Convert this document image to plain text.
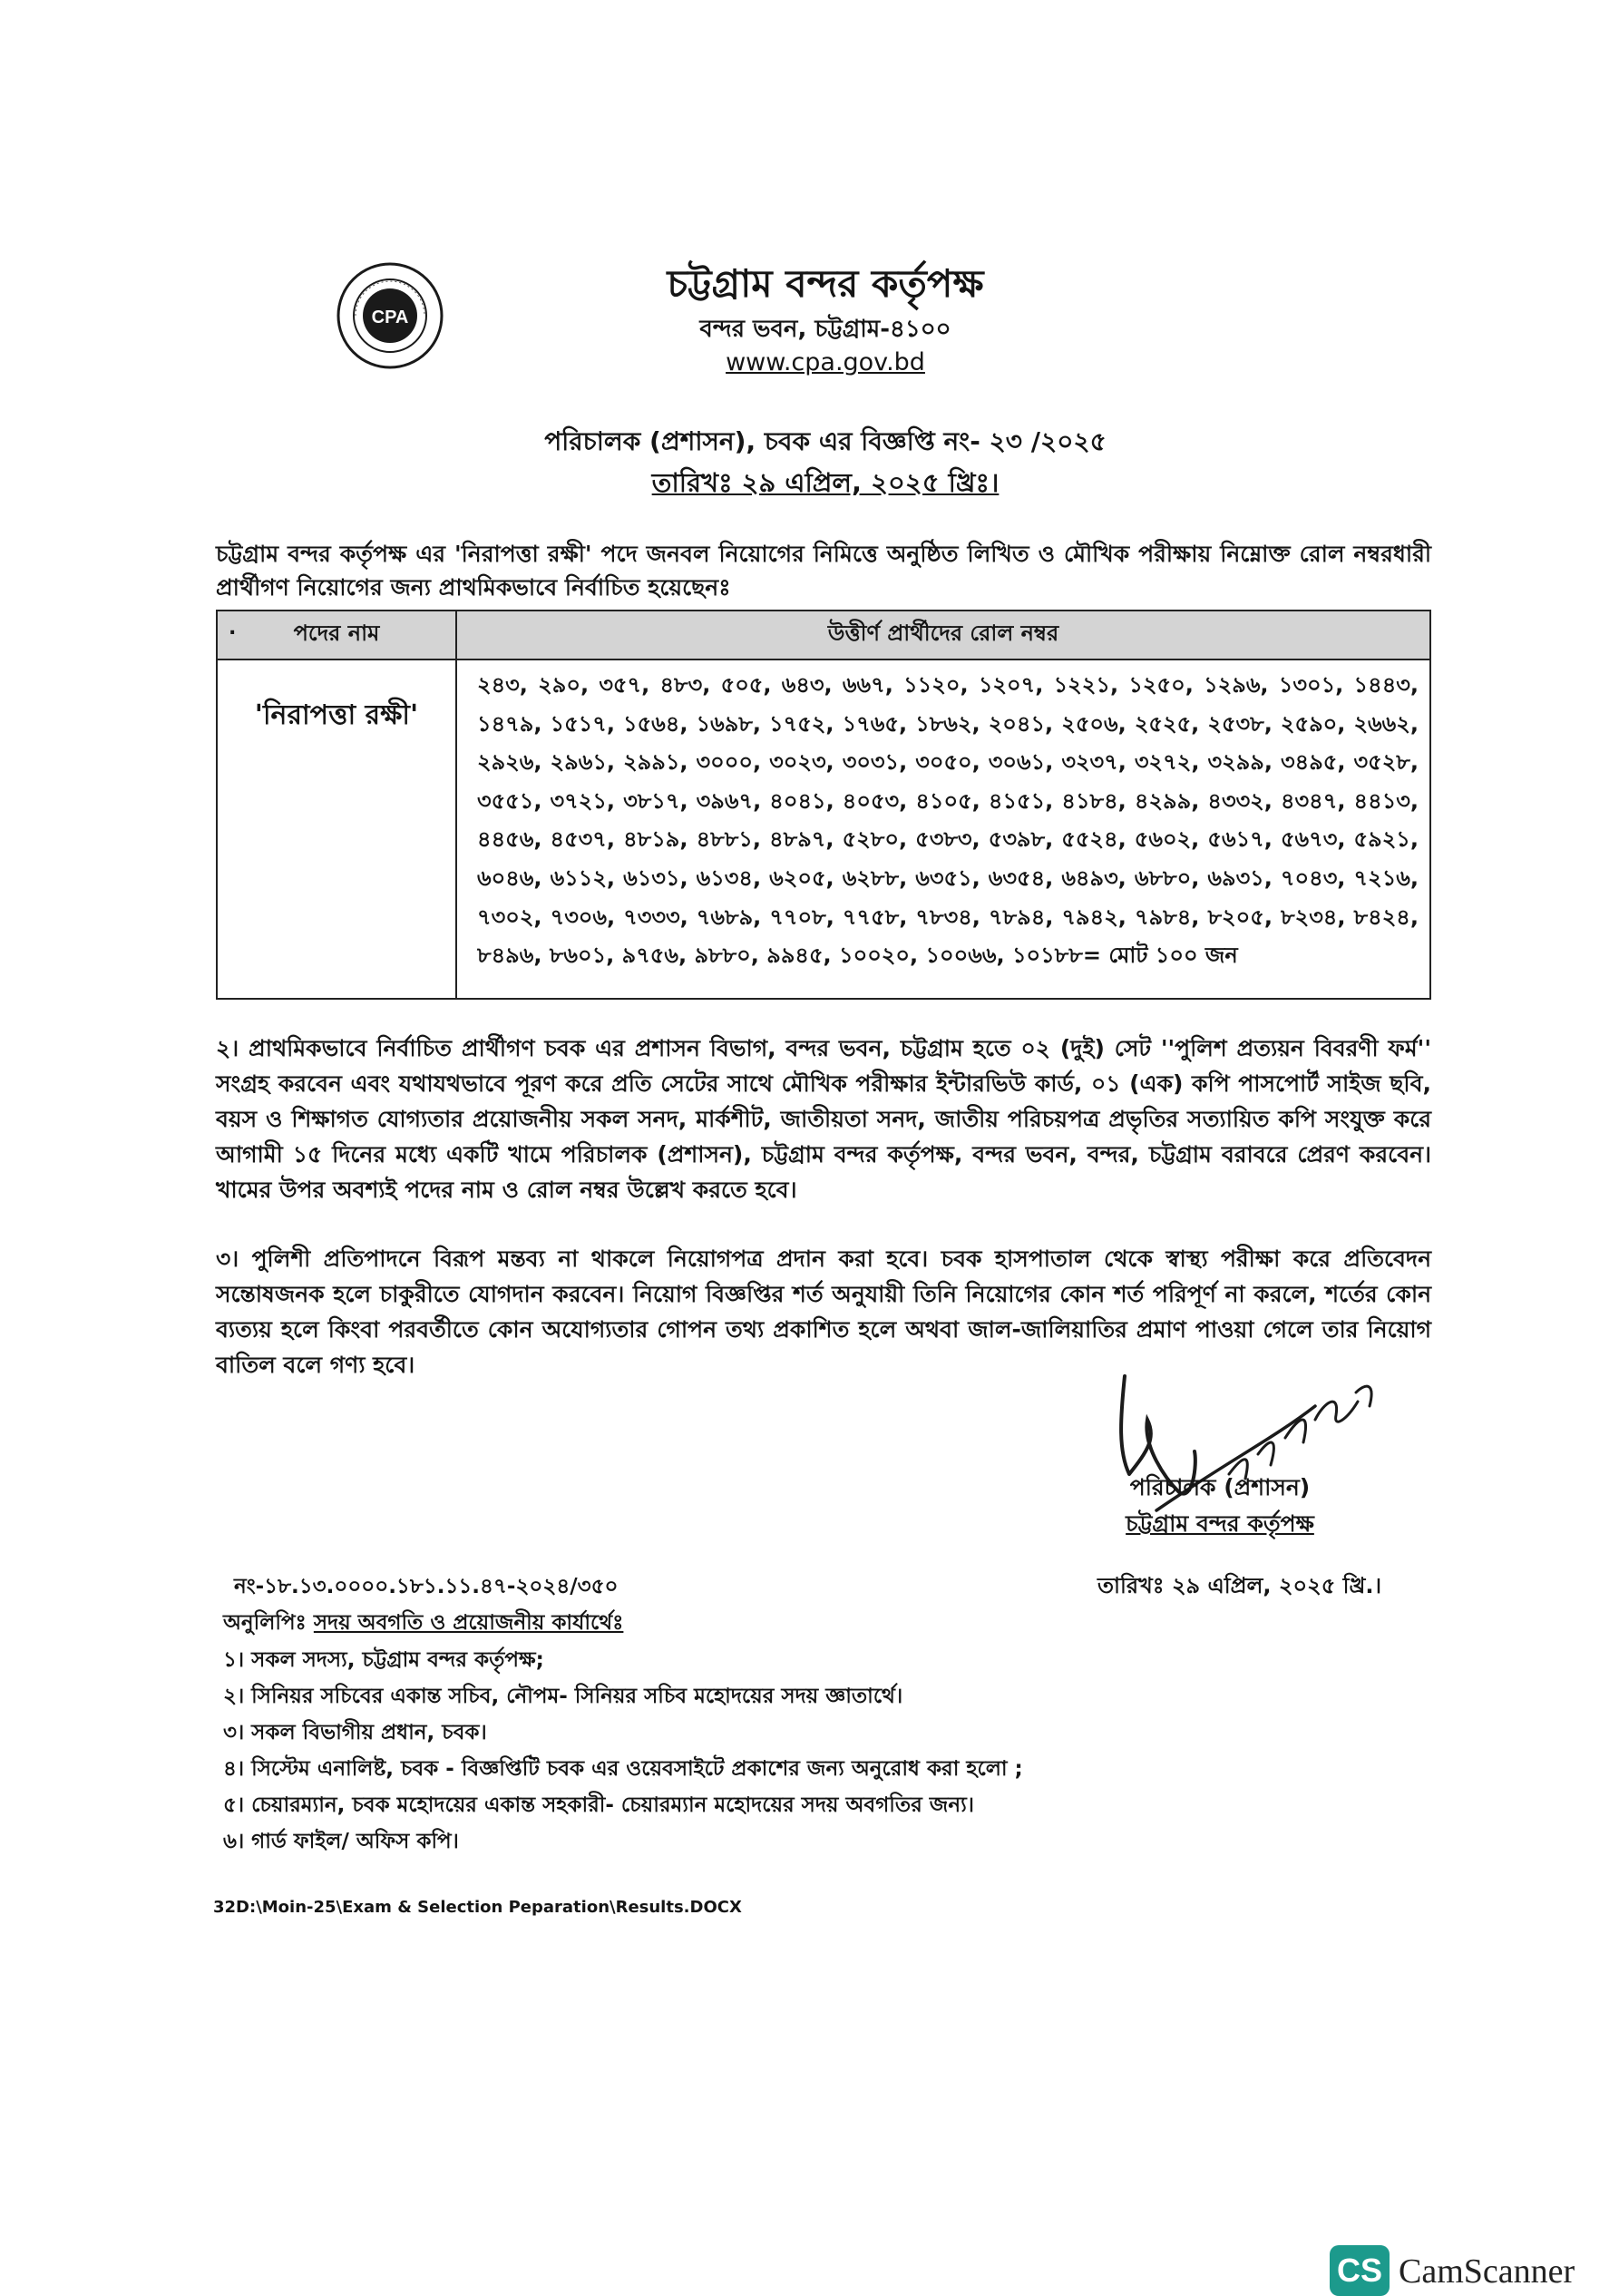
CPA
চট্টগ্রাম বন্দর কর্তৃপক্ষ
বন্দর ভবন, চট্টগ্রাম-৪১০০
www.cpa.gov.bd
পরিচালক (প্রশাসন), চবক এর বিজ্ঞপ্তি নং- ২৩ /২০২৫
তারিখঃ ২৯ এপ্রিল, ২০২৫ খ্রিঃ।
চট্টগ্রাম বন্দর কর্তৃপক্ষ এর 'নিরাপত্তা রক্ষী' পদে জনবল নিয়োগের নিমিত্তে অনুষ্ঠিত লিখিত ও মৌখিক পরীক্ষায় নিম্নোক্ত রোল নম্বরধারী প্রার্থীগণ নিয়োগের জন্য প্রাথমিকভাবে নির্বাচিত হয়েছেনঃ
. পদের নাম	উত্তীর্ণ প্রার্থীদের রোল নম্বর
'নিরাপত্তা রক্ষী'	২৪৩, ২৯০, ৩৫৭, ৪৮৩, ৫০৫, ৬৪৩, ৬৬৭, ১১২০, ১২০৭, ১২২১, ১২৫০, ১২৯৬, ১৩০১, ১৪৪৩, ১৪৭৯, ১৫১৭, ১৫৬৪, ১৬৯৮, ১৭৫২, ১৭৬৫, ১৮৬২, ২০৪১, ২৫০৬, ২৫২৫, ২৫৩৮, ২৫৯০, ২৬৬২, ২৯২৬, ২৯৬১, ২৯৯১, ৩০০০, ৩০২৩, ৩০৩১, ৩০৫০, ৩০৬১, ৩২৩৭, ৩২৭২, ৩২৯৯, ৩৪৯৫, ৩৫২৮, ৩৫৫১, ৩৭২১, ৩৮১৭, ৩৯৬৭, ৪০৪১, ৪০৫৩, ৪১০৫, ৪১৫১, ৪১৮৪, ৪২৯৯, ৪৩৩২, ৪৩৪৭, ৪৪১৩, ৪৪৫৬, ৪৫৩৭, ৪৮১৯, ৪৮৮১, ৪৮৯৭, ৫২৮০, ৫৩৮৩, ৫৩৯৮, ৫৫২৪, ৫৬০২, ৫৬১৭, ৫৬৭৩, ৫৯২১, ৬০৪৬, ৬১১২, ৬১৩১, ৬১৩৪, ৬২০৫, ৬২৮৮, ৬৩৫১, ৬৩৫৪, ৬৪৯৩, ৬৮৮০, ৬৯৩১, ৭০৪৩, ৭২১৬, ৭৩০২, ৭৩০৬, ৭৩৩৩, ৭৬৮৯, ৭৭০৮, ৭৭৫৮, ৭৮৩৪, ৭৮৯৪, ৭৯৪২, ৭৯৮৪, ৮২০৫, ৮২৩৪, ৮৪২৪, ৮৪৯৬, ৮৬০১, ৯৭৫৬, ৯৮৮০, ৯৯৪৫, ১০০২০, ১০০৬৬, ১০১৮৮= মোট ১০০ জন
২। প্রাথমিকভাবে নির্বাচিত প্রার্থীগণ চবক এর প্রশাসন বিভাগ, বন্দর ভবন, চট্টগ্রাম হতে ০২ (দুই) সেট ''পুলিশ প্রত্যয়ন বিবরণী ফর্ম'' সংগ্রহ করবেন এবং যথাযথভাবে পূরণ করে প্রতি সেটের সাথে মৌখিক পরীক্ষার ইন্টারভিউ কার্ড, ০১ (এক) কপি পাসপোর্ট সাইজ ছবি, বয়স ও শিক্ষাগত যোগ্যতার প্রয়োজনীয় সকল সনদ, মার্কশীট, জাতীয়তা সনদ, জাতীয় পরিচয়পত্র প্রভৃতির সত্যায়িত কপি সংযুক্ত করে আগামী ১৫ দিনের মধ্যে একটি খামে পরিচালক (প্রশাসন), চট্টগ্রাম বন্দর কর্তৃপক্ষ, বন্দর ভবন, বন্দর, চট্টগ্রাম বরাবরে প্রেরণ করবেন। খামের উপর অবশ্যই পদের নাম ও রোল নম্বর উল্লেখ করতে হবে।
৩। পুলিশী প্রতিপাদনে বিরূপ মন্তব্য না থাকলে নিয়োগপত্র প্রদান করা হবে। চবক হাসপাতাল থেকে স্বাস্থ্য পরীক্ষা করে প্রতিবেদন সন্তোষজনক হলে চাকুরীতে যোগদান করবেন। নিয়োগ বিজ্ঞপ্তির শর্ত অনুযায়ী তিনি নিয়োগের কোন শর্ত পরিপূর্ণ না করলে, শর্তের কোন ব্যত্যয় হলে কিংবা পরবর্তীতে কোন অযোগ্যতার গোপন তথ্য প্রকাশিত হলে অথবা জাল-জালিয়াতির প্রমাণ পাওয়া গেলে তার নিয়োগ বাতিল বলে গণ্য হবে।
পরিচালক (প্রশাসন)
চট্টগ্রাম বন্দর কর্তৃপক্ষ
নং-১৮.১৩.০০০০.১৮১.১১.৪৭-২০২৪/৩৫০	তারিখঃ ২৯ এপ্রিল, ২০২৫ খ্রি.।
অনুলিপিঃ সদয় অবগতি ও প্রয়োজনীয় কার্যার্থেঃ
১। সকল সদস্য, চট্টগ্রাম বন্দর কর্তৃপক্ষ;
২। সিনিয়র সচিবের একান্ত সচিব, নৌপম- সিনিয়র সচিব মহোদয়ের সদয় জ্ঞাতার্থে।
৩। সকল বিভাগীয় প্রধান, চবক।
৪। সিস্টেম এনালিষ্ট, চবক - বিজ্ঞপ্তিটি চবক এর ওয়েবসাইটে প্রকাশের জন্য অনুরোধ করা হলো ;
৫। চেয়ারম্যান, চবক মহোদয়ের একান্ত সহকারী- চেয়ারম্যান মহোদয়ের সদয় অবগতির জন্য।
৬। গার্ড ফাইল/ অফিস কপি।
32D:\Moin-25\Exam & Selection Peparation\Results.DOCX
CS CamScanner
